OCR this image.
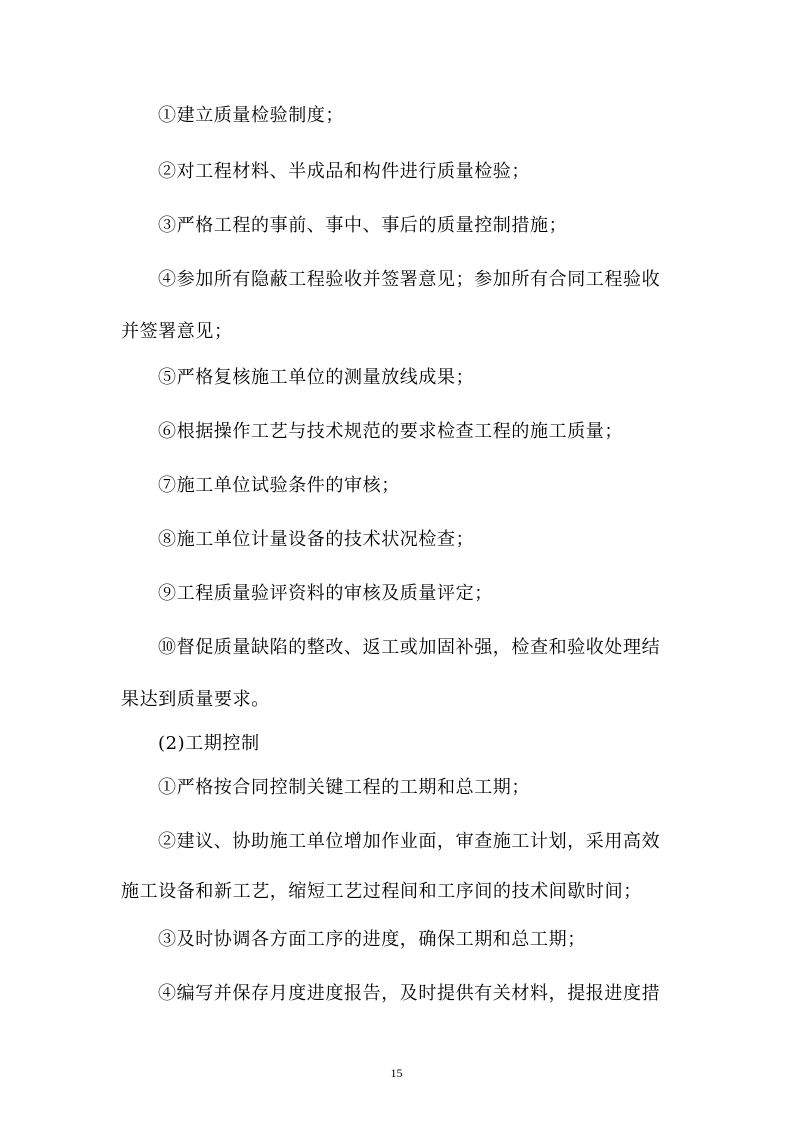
①建立质量检验制度；
②对工程材料、半成品和构件进行质量检验；
③严格工程的事前、事中、事后的质量控制措施；
④参加所有隐蔽工程验收并签署意见；参加所有合同工程验收
并签署意见；
⑤严格复核施工单位的测量放线成果；
⑥根据操作工艺与技术规范的要求检查工程的施工质量；
⑦施工单位试验条件的审核；
⑧施工单位计量设备的技术状况检查；
⑨工程质量验评资料的审核及质量评定；
⑩督促质量缺陷的整改、返工或加固补强，检查和验收处理结
果达到质量要求。
(2)工期控制
①严格按合同控制关键工程的工期和总工期；
②建议、协助施工单位增加作业面，审查施工计划，采用高效
施工设备和新工艺，缩短工艺过程间和工序间的技术间歇时间；
③及时协调各方面工序的进度，确保工期和总工期；
④编写并保存月度进度报告，及时提供有关材料，提报进度措
15
